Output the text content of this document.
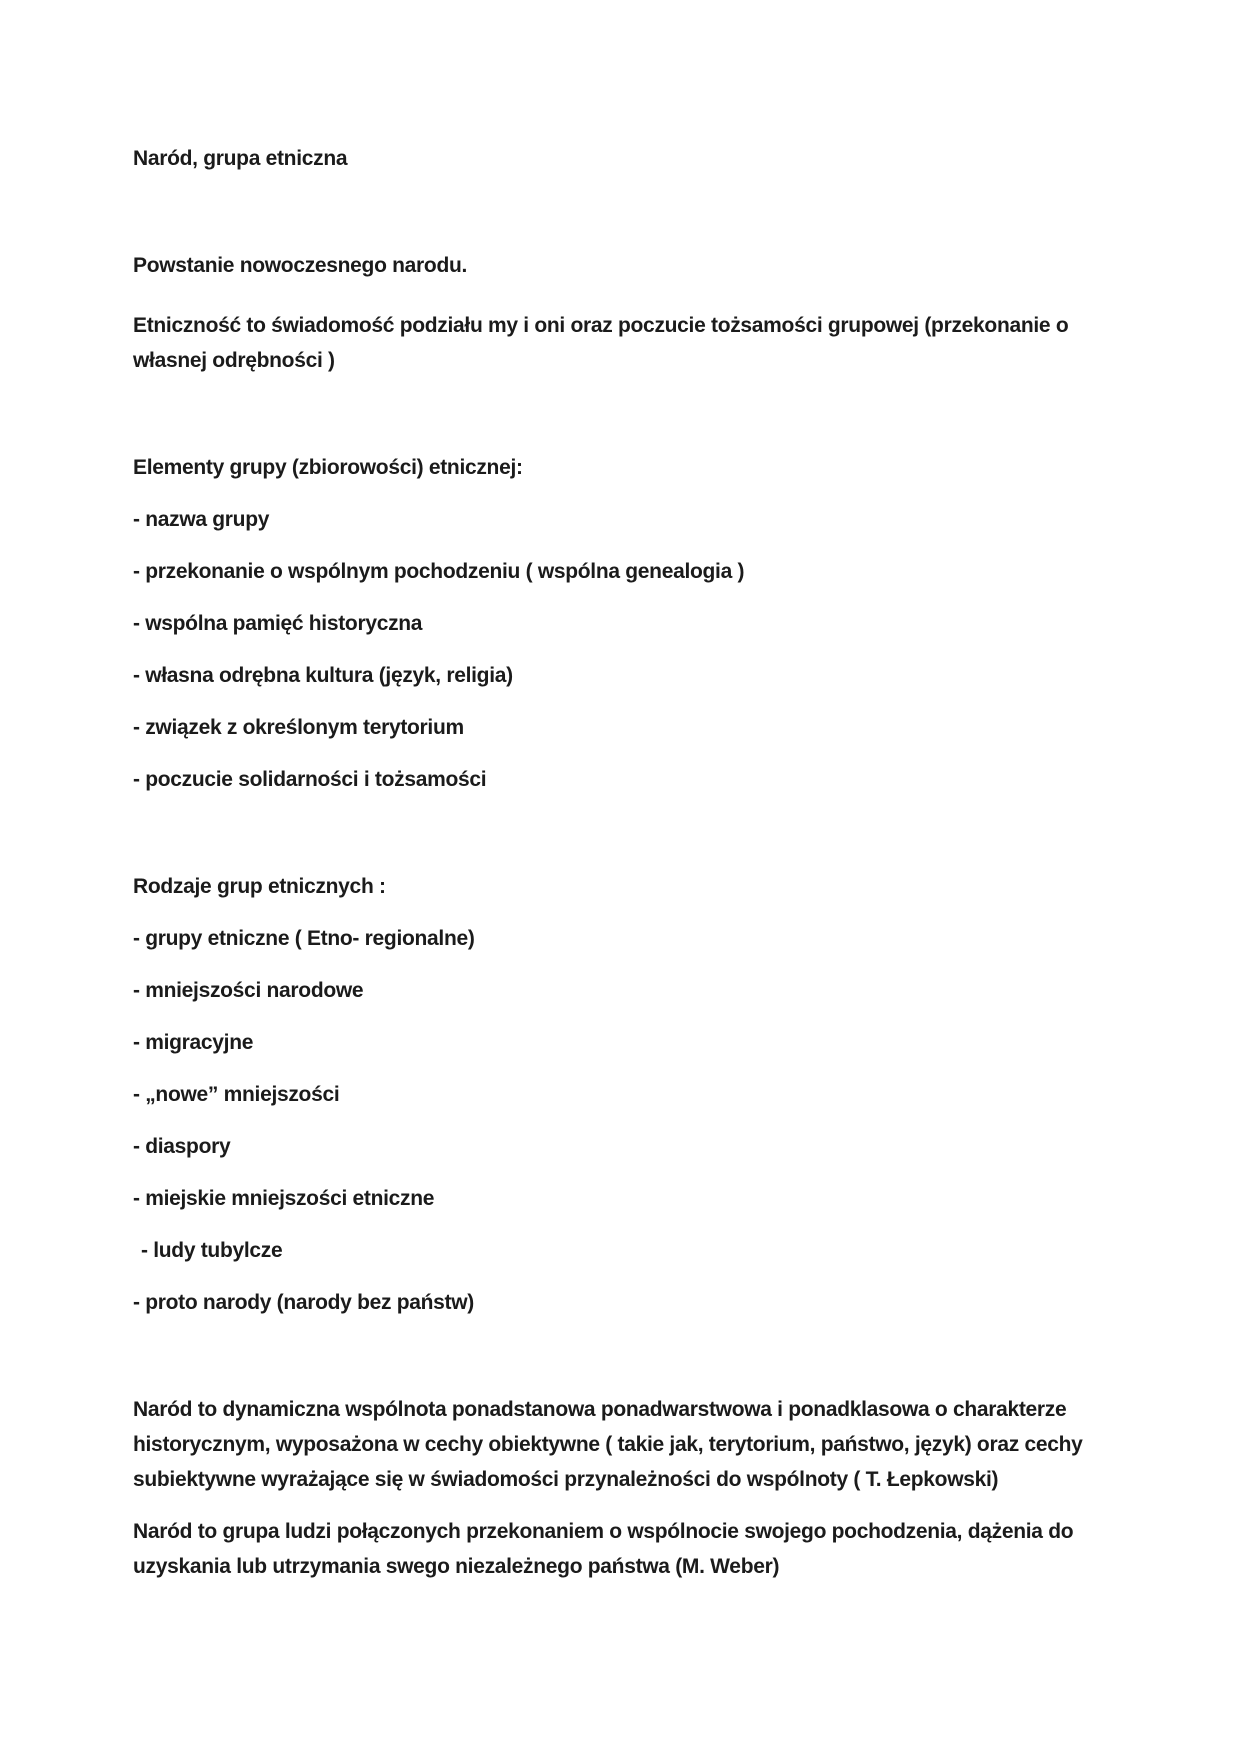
Naród, grupa etniczna
Powstanie nowoczesnego narodu.
Etniczność to świadomość podziału my i oni oraz poczucie tożsamości grupowej (przekonanie o
własnej odrębności )
Elementy grupy (zbiorowości) etnicznej:
- nazwa grupy
- przekonanie o wspólnym pochodzeniu ( wspólna genealogia )
- wspólna pamięć historyczna
- własna odrębna kultura (język, religia)
- związek z określonym terytorium
- poczucie solidarności i tożsamości
Rodzaje grup etnicznych :
- grupy etniczne ( Etno- regionalne)
- mniejszości narodowe
- migracyjne
- „nowe” mniejszości
- diaspory
- miejskie mniejszości etniczne
- ludy tubylcze
- proto narody (narody bez państw)
Naród to dynamiczna wspólnota ponadstanowa ponadwarstwowa i ponadklasowa o charakterze
historycznym, wyposażona w cechy obiektywne ( takie jak, terytorium, państwo, język) oraz cechy
subiektywne wyrażające się w świadomości przynależności do wspólnoty ( T. Łepkowski)
Naród to grupa ludzi połączonych przekonaniem o wspólnocie swojego pochodzenia, dążenia do
uzyskania lub utrzymania swego niezależnego państwa (M. Weber)
